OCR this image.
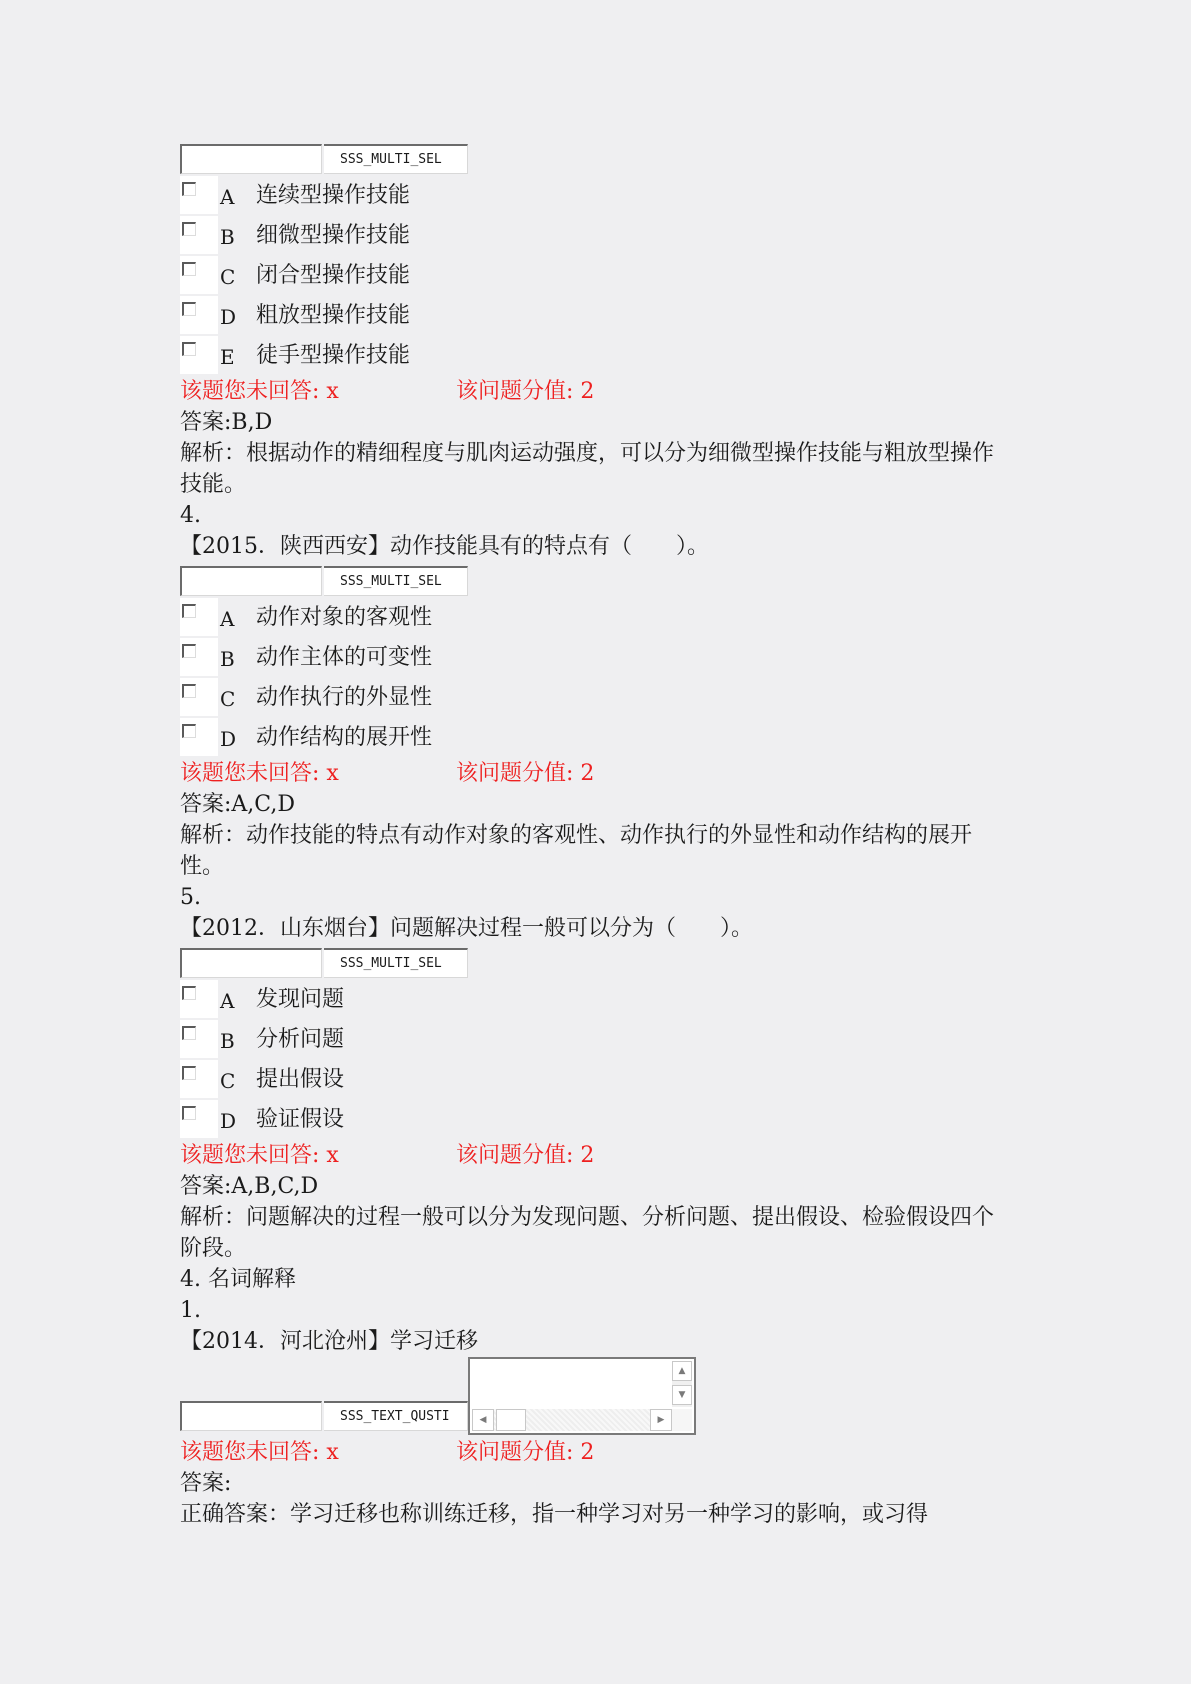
SSS_MULTI_SEL
A 连续型操作技能
B 细微型操作技能
C 闭合型操作技能
D 粗放型操作技能
E 徒手型操作技能
该题您未回答: x	该问题分值: 2
答案:B,D
解析：根据动作的精细程度与肌肉运动强度，可以分为细微型操作技能与粗放型操作技能。
4.
【2015．陕西西安】动作技能具有的特点有（　　）。
SSS_MULTI_SEL
A 动作对象的客观性
B 动作主体的可变性
C 动作执行的外显性
D 动作结构的展开性
该题您未回答: x	该问题分值: 2
答案:A,C,D
解析：动作技能的特点有动作对象的客观性、动作执行的外显性和动作结构的展开性。
5.
【2012．山东烟台】问题解决过程一般可以分为（　　）。
SSS_MULTI_SEL
A 发现问题
B 分析问题
C 提出假设
D 验证假设
该题您未回答: x	该问题分值: 2
答案:A,B,C,D
解析：问题解决的过程一般可以分为发现问题、分析问题、提出假设、检验假设四个阶段。
4. 名词解释
1.
【2014．河北沧州】学习迁移
SSS_TEXT_QUSTI
▲
▼
◀	▶
该题您未回答: x	该问题分值: 2
答案:
正确答案：学习迁移也称训练迁移，指一种学习对另一种学习的影响，或习得
